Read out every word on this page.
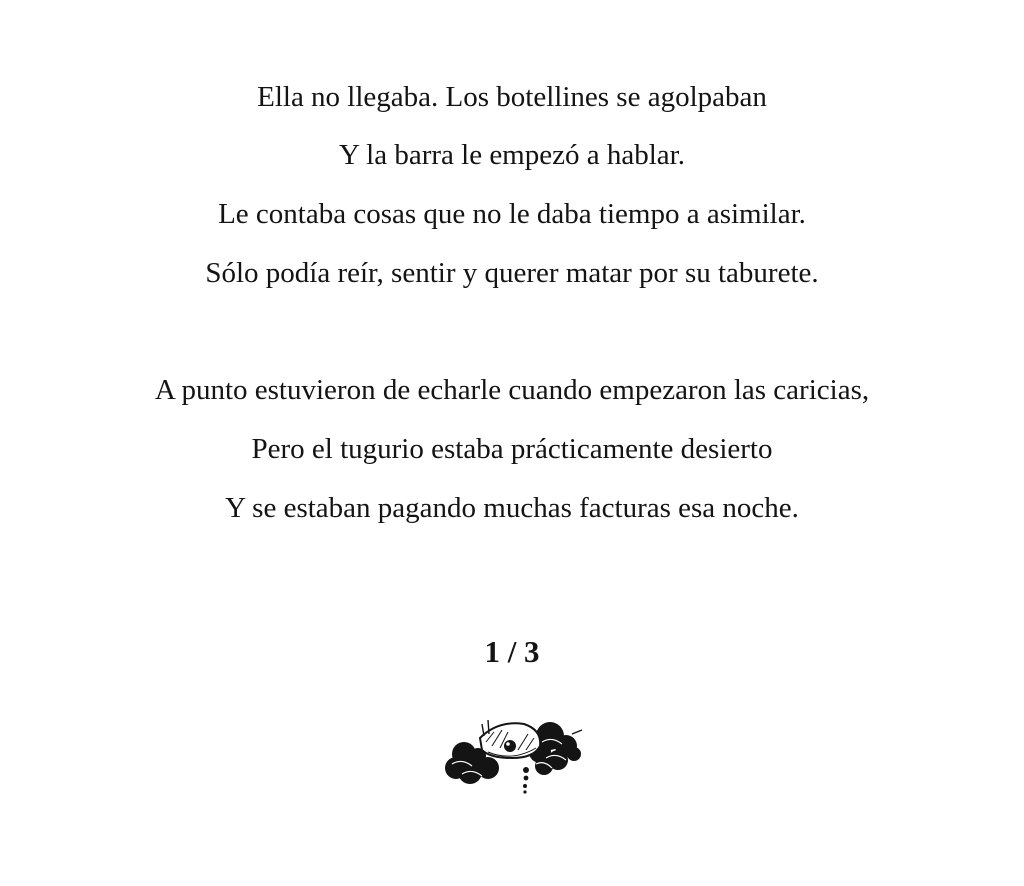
Ella no llegaba. Los botellines se agolpaban
Y la barra le empezó a hablar.
Le contaba cosas que no le daba tiempo a asimilar.
Sólo podía reír, sentir y querer matar por su taburete.
A punto estuvieron de echarle cuando empezaron las caricias,
Pero el tugurio estaba prácticamente desierto
Y se estaban pagando muchas facturas esa noche.
1 / 3
